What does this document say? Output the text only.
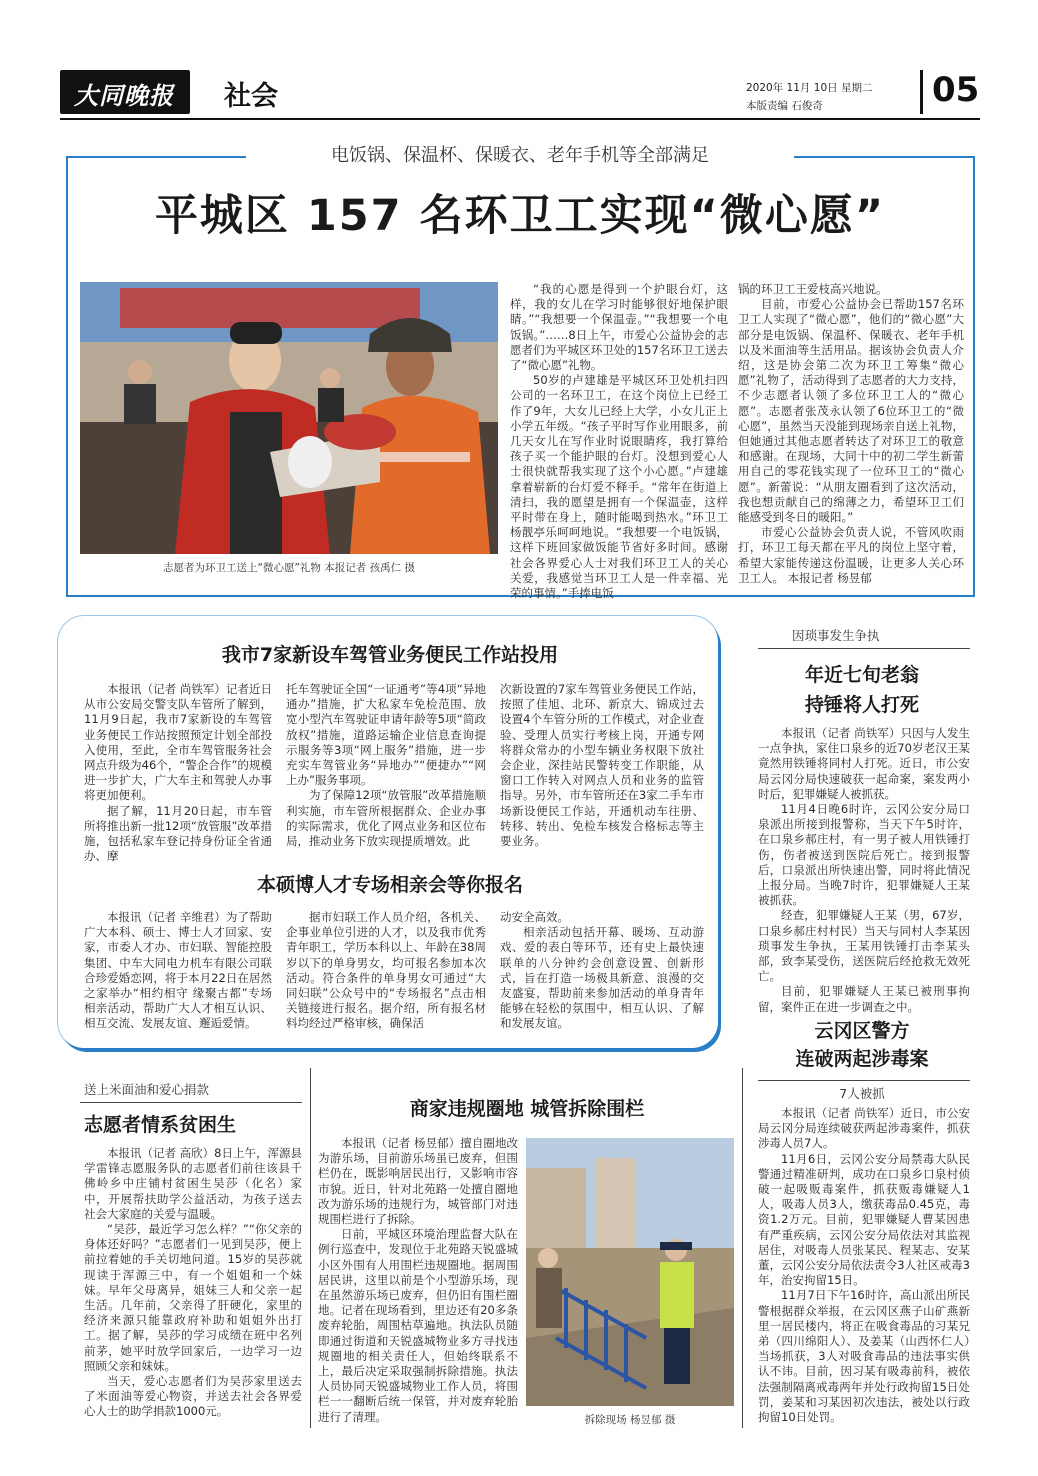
大同晚报 社会	2020年 11月 10日 星期二
本版责编 石俊奇	05
电饭锅、保温杯、保暖衣、老年手机等全部满足
平城区 157 名环卫工实现“微心愿”
志愿者为环卫工送上“微心愿”礼物 本报记者 孩禹仁 摄

“我的心愿是得到一个护眼台灯，这样，我的女儿在学习时能够很好地保护眼睛。”“我想要一个保温壶。”“我想要一个电饭锅。”……8日上午，市爱心公益协会的志愿者们为平城区环卫处的157名环卫工送去了“微心愿”礼物。

50岁的卢建雄是平城区环卫处机扫四公司的一名环卫工，在这个岗位上已经工作了9年，大女儿已经上大学，小女儿正上小学五年级。“孩子平时写作业用眼多，前几天女儿在写作业时说眼睛疼，我打算给孩子买一个能护眼的台灯。没想到爱心人士很快就帮我实现了这个小心愿。”卢建雄拿着崭新的台灯爱不释手。“常年在街道上清扫，我的愿望是拥有一个保温壶，这样平时带在身上，随时能喝到热水。”环卫工杨靓亭乐呵呵地说。“我想要一个电饭锅，这样下班回家做饭能节省好多时间。感谢社会各界爱心人士对我们环卫工人的关心关爱，我感觉当环卫工人是一件幸福、光荣的事情。”手捧电饭

锅的环卫工王爱枝高兴地说。

目前，市爱心公益协会已帮助157名环卫工人实现了“微心愿”，他们的“微心愿”大部分是电饭锅、保温杯、保暖衣、老年手机以及米面油等生活用品。据该协会负责人介绍，这是协会第二次为环卫工筹集“微心愿”礼物了，活动得到了志愿者的大力支持，不少志愿者认领了多位环卫工人的“微心愿”。志愿者张茂永认领了6位环卫工的“微心愿”，虽然当天没能到现场亲自送上礼物，但她通过其他志愿者转达了对环卫工的敬意和感谢。在现场，大同十中的初二学生新蕾用自己的零花钱实现了一位环卫工的“微心愿”。新蕾说：“从朋友圈看到了这次活动，我也想贡献自己的绵薄之力，希望环卫工们能感受到冬日的暖阳。”

市爱心公益协会负责人说，不管风吹雨打，环卫工每天都在平凡的岗位上坚守着，希望大家能传递这份温暖，让更多人关心环卫工人。 本报记者 杨昱郁

我市7家新设车驾管业务便民工作站投用

本报讯（记者 尚铁军）记者近日从市公安局交警支队车管所了解到，11月9日起，我市7家新设的车驾管业务便民工作站按照预定计划全部投入使用，至此，全市车驾管服务社会网点升级为46个，“警企合作”的规模进一步扩大，广大车主和驾驶人办事将更加便利。

据了解，11月20日起，市车管所将推出新一批12项“放管服”改革措施，包括私家车登记持身份证全省通办、摩

托车驾驶证全国“一证通考”等4项“异地通办”措施，扩大私家车免检范围、放宽小型汽车驾驶证申请年龄等5项“简政放权”措施，道路运输企业信息查询提示服务等3项“网上服务”措施，进一步充实车驾管业务“异地办”“便捷办”“网上办”服务事项。

为了保障12项“放管服”改革措施顺利实施，市车管所根据群众、企业办事的实际需求，优化了网点业务和区位布局，推动业务下放实现提质增效。此

次新设置的7家车驾管业务便民工作站，按照了佳旭、北环、新京大、锦成过去设置4个车管分所的工作模式，对企业查验、受理人员实行考核上岗，开通专网将群众常办的小型车辆业务权限下放社会企业，深挂站民警转变工作职能，从窗口工作转入对网点人员和业务的监管指导。另外，市车管所还在3家二手车市场新设便民工作站，开通机动车往册、转移、转出、免检车核发合格标志等主要业务。

本硕博人才专场相亲会等你报名

本报讯（记者 辛维君）为了帮助广大本科、硕士、博士人才回家、安家，市委人才办、市妇联、智能控股集团、中车大同电力机车有限公司联合珍爱婚恋网，将于本月22日在居然之家举办“相约相守 缘聚古都”专场相亲活动，帮助广大人才相互认识、相互交流、发展友谊、邂逅爱情。

据市妇联工作人员介绍，各机关、企事业单位引进的人才，以及我市优秀青年职工，学历本科以上、年龄在38周岁以下的单身男女，均可报名参加本次活动。符合条件的单身男女可通过“大同妇联”公众号中的“专场报名”点击相关链接进行报名。据介绍，所有报名材料均经过严格审核，确保活

动安全高效。

相亲活动包括开幕、暖场、互动游戏、爱的表白等环节，还有史上最快速联单的八分钟约会创意设置、创新形式，旨在打造一场极具新意、浪漫的交友盛宴，帮助前来参加活动的单身青年能够在轻松的氛围中，相互认识、了解和发展友谊。

因琐事发生争执
年近七旬老翁
持锤将人打死

本报讯（记者 尚铁军）只因与人发生一点争执，家住口泉乡的近70岁老汉王某竟然用铁锤将同村人打死。近日，市公安局云冈分局快速破获一起命案，案发两小时后，犯罪嫌疑人被抓获。

11月4日晚6时许，云冈公安分局口泉派出所接到报警称，当天下午5时许，在口泉乡郝庄村，有一男子被人用铁锤打伤，伤者被送到医院后死亡。接到报警后，口泉派出所快速出警，同时将此情况上报分局。当晚7时许，犯罪嫌疑人王某被抓获。

经查，犯罪嫌疑人王某（男，67岁，口泉乡郝庄村村民）当天与同村人李某因琐事发生争执，王某用铁锤打击李某头部，致李某受伤，送医院后经抢救无效死亡。

目前，犯罪嫌疑人王某已被刑事拘留，案件正在进一步调查之中。

云冈区警方
连破两起涉毒案
7人被抓

本报讯（记者 尚铁军）近日，市公安局云冈分局连续破获两起涉毒案件，抓获涉毒人员7人。

11月6日，云冈公安分局禁毒大队民警通过精准研判，成功在口泉乡口泉村侦破一起吸贩毒案件，抓获贩毒嫌疑人1人，吸毒人员3人，缴获毒品0.45克，毒资1.2万元。目前，犯罪嫌疑人曹某因患有严重疾病，云冈公安分局依法对其监视居住，对吸毒人员张某民、程某志、安某董，云冈公安分局依法责令3人社区戒毒3年，治安拘留15日。

11月7日下午16时许，高山派出所民警根据群众举报，在云冈区燕子山矿燕新里一居民楼内，将正在吸食毒品的习某兄弟（四川绵阳人）、及姜某（山西怀仁人）当场抓获，3人对吸食毒品的违法事实供认不讳。目前，因习某有吸毒前科，被依法强制隔离戒毒两年并处行政拘留15日处罚，姜某和习某因初次违法，被处以行政拘留10日处罚。

送上米面油和爱心捐款
志愿者情系贫困生

本报讯（记者 高欣）8日上午，浑源县学雷锋志愿服务队的志愿者们前往该县千佛岭乡中庄铺村贫困生吴莎（化名）家中，开展帮扶助学公益活动，为孩子送去社会大家庭的关爱与温暖。

“吴莎，最近学习怎么样？”“你父亲的身体还好吗？”志愿者们一见到吴莎，便上前拉着她的手关切地问道。15岁的吴莎就现读于浑源三中，有一个姐姐和一个妹妹。早年父母离异，姐妹三人和父亲一起生活。几年前，父亲得了肝硬化，家里的经济来源只能靠政府补助和姐姐外出打工。据了解，吴莎的学习成绩在班中名列前茅，她平时放学回家后，一边学习一边照顾父亲和妹妹。

当天，爱心志愿者们为吴莎家里送去了米面油等爱心物资，并送去社会各界爱心人士的助学捐款1000元。

商家违规圈地 城管拆除围栏

本报讯（记者 杨昱郁）擅自圈地改为游乐场，目前游乐场虽已废弃，但围栏仍在，既影响居民出行，又影响市容市貌。近日，针对北苑路一处擅自圈地改为游乐场的违规行为，城管部门对违规围栏进行了拆除。

日前，平城区环境治理监督大队在例行巡查中，发现位于北苑路天锐盛城小区外围有人用围栏违规圈地。据周围居民讲，这里以前是个小型游乐场，现在虽然游乐场已废弃，但仍旧有围栏圈地。记者在现场看到，里边还有20多条废弃轮胎，周围枯草遍地。执法队员随即通过街道和天锐盛城物业多方寻找违规圈地的相关责任人，但始终联系不上，最后决定采取强制拆除措施。执法人员协同天锐盛城物业工作人员，将围栏一一翻断后统一保管，并对废弃轮胎进行了清理。	拆除现场 杨昱郁 摄
